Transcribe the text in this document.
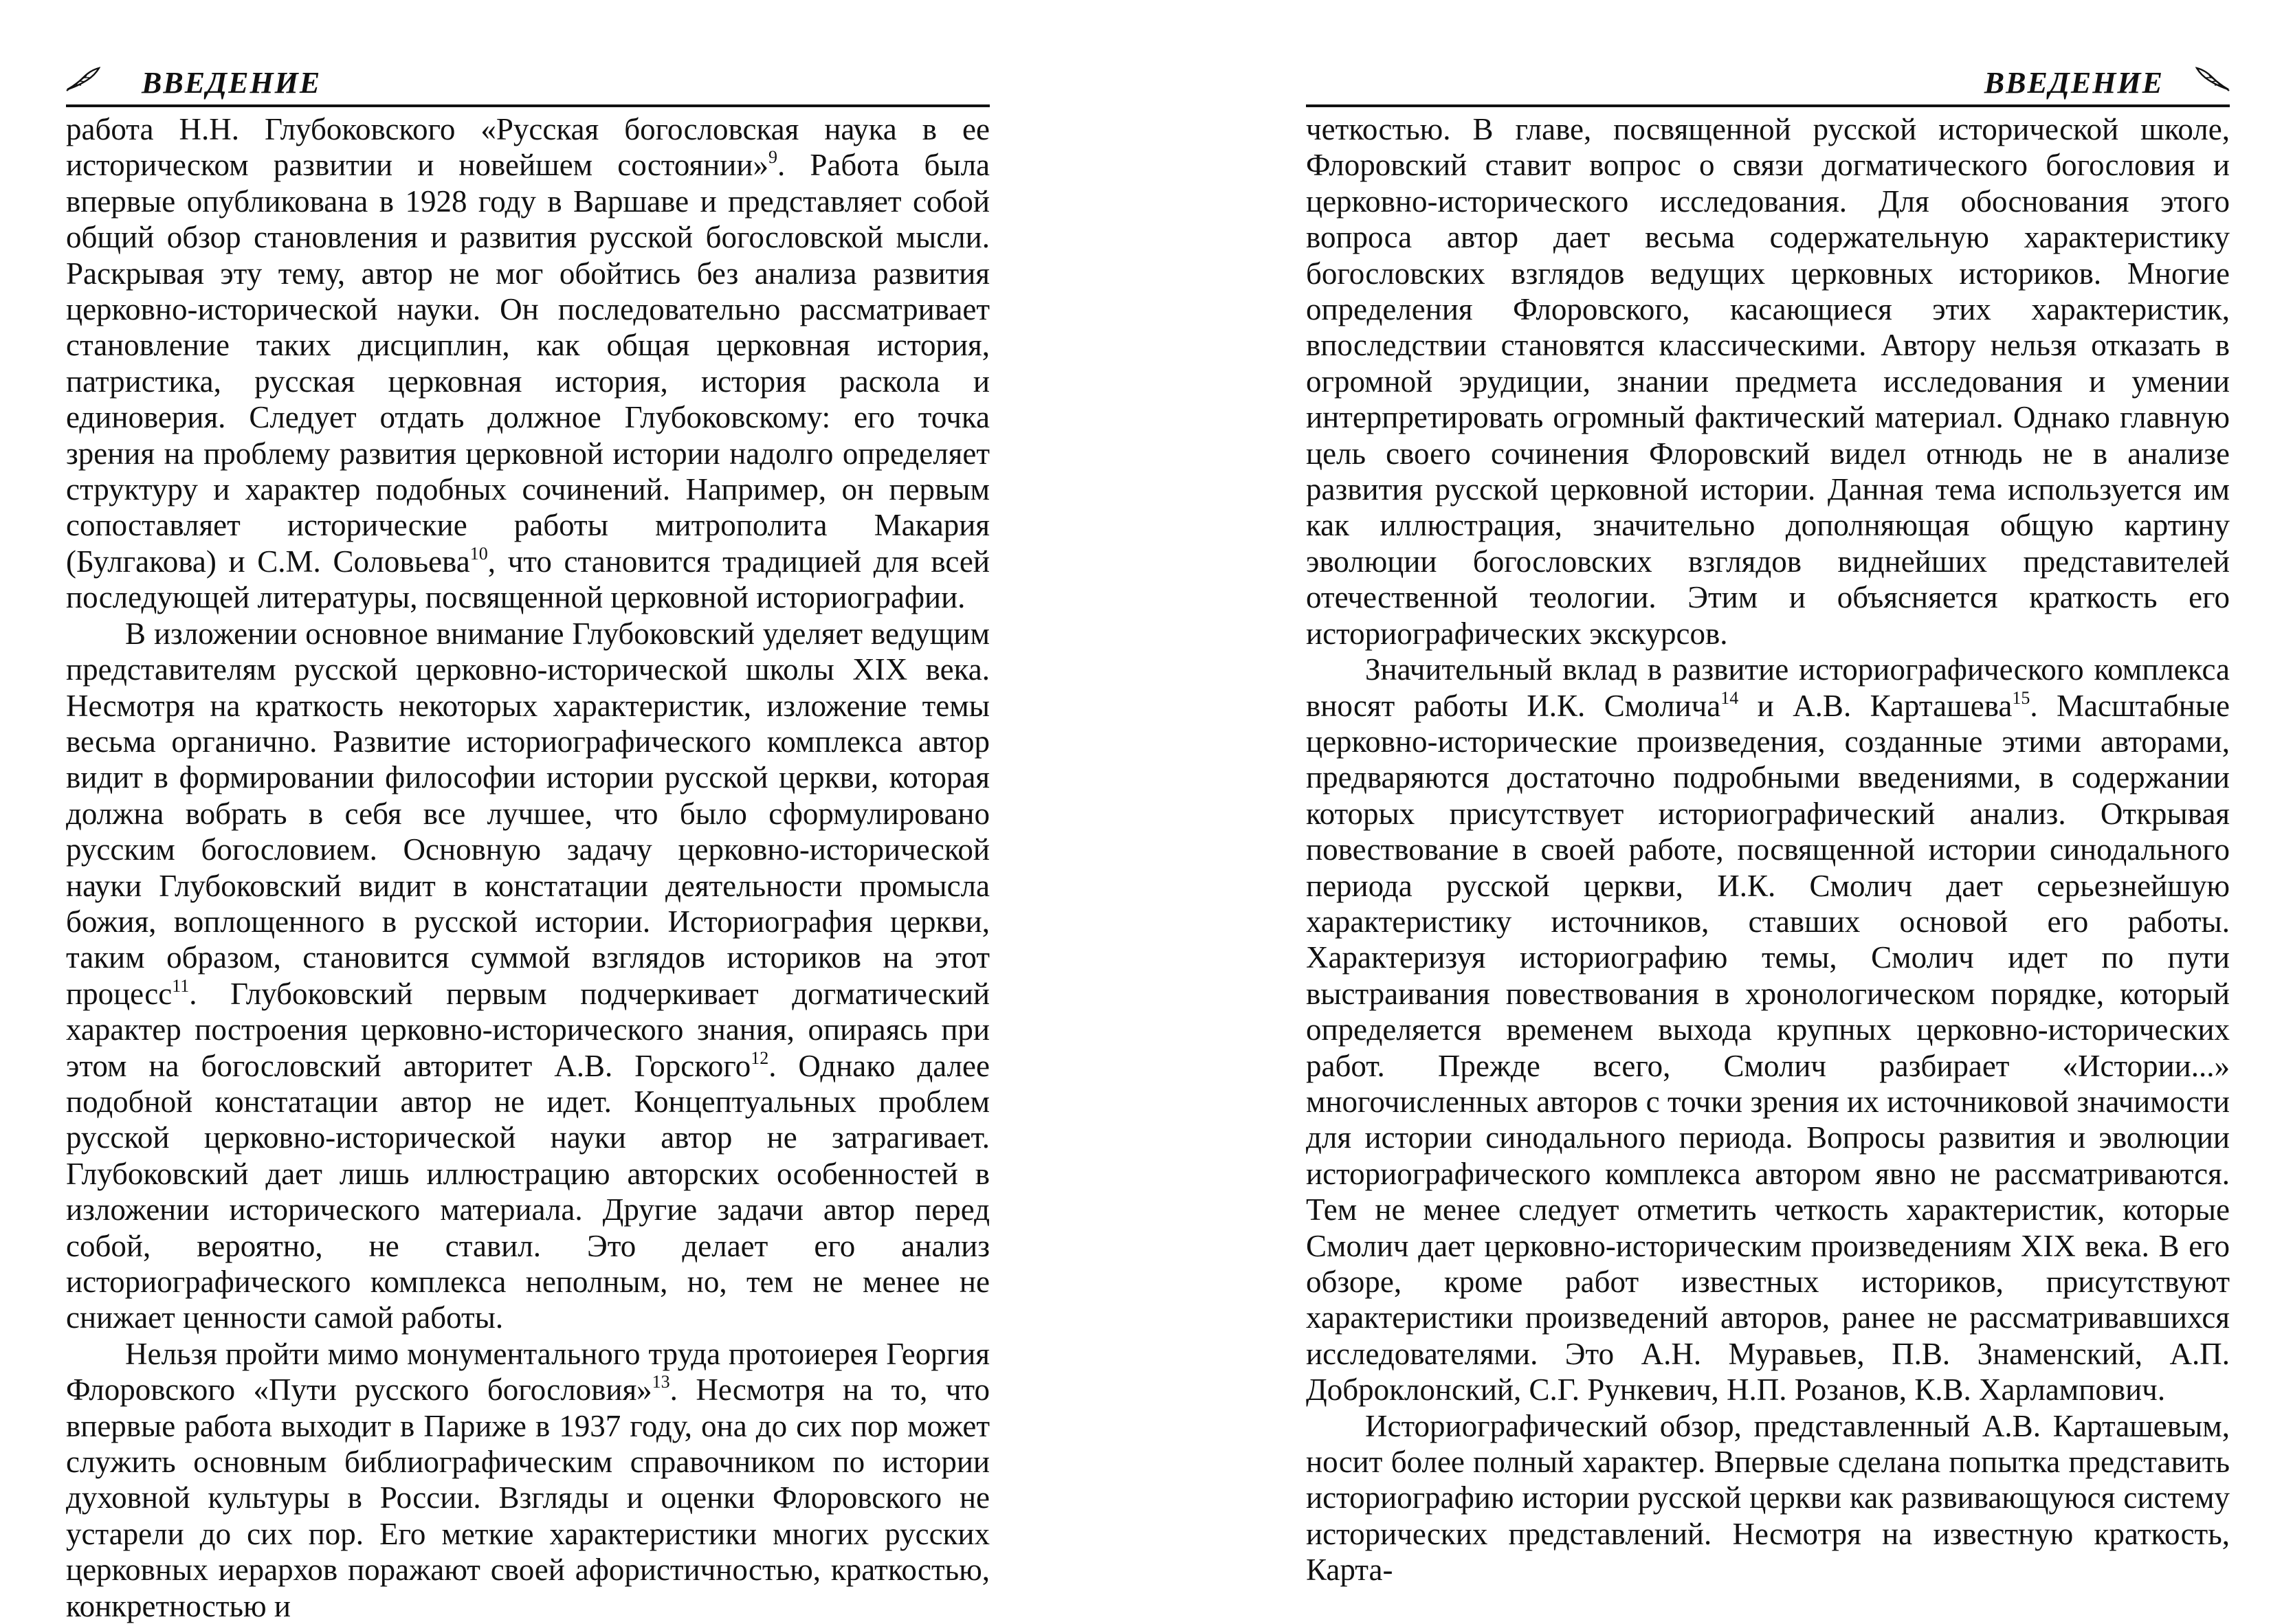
ВВЕДЕНИЕ

работа Н.Н. Глубоковского «Русская богословская наука в ее историческом развитии и новейшем состоянии»$^9$. Работа была впервые опубликована в 1928 году в Варшаве и представляет собой общий обзор становления и развития русской богословской мысли. Раскрывая эту тему, автор не мог обойтись без анализа развития церковно-исторической науки. Он последовательно рассматривает становление таких дисциплин, как общая церковная история, патристика, русская церковная история, история раскола и единоверия. Следует отдать должное Глубоковскому: его точка зрения на проблему развития церковной истории надолго определяет структуру и характер подобных сочинений. Например, он первым сопоставляет исторические работы митрополита Макария (Булгакова) и С.М. Соловьева$^{10}$, что становится традицией для всей последующей литературы, посвященной церковной историографии.

В изложении основное внимание Глубоковский уделяет ведущим представителям русской церковно-исторической школы XIX века. Несмотря на краткость некоторых характеристик, изложение темы весьма органично. Развитие историографического комплекса автор видит в формировании философии истории русской церкви, которая должна вобрать в себя все лучшее, что было сформулировано русским богословием. Основную задачу церковно-исторической науки Глубоковский видит в констатации деятельности промысла божия, воплощенного в русской истории. Историография церкви, таким образом, становится суммой взглядов историков на этот процесс$^{11}$. Глубоковский первым подчеркивает догматический характер построения церковно-исторического знания, опираясь при этом на богословский авторитет А.В. Горского$^{12}$. Однако далее подобной констатации автор не идет. Концептуальных проблем русской церковно-исторической науки автор не затрагивает. Глубоковский дает лишь иллюстрацию авторских особенностей в изложении исторического материала. Другие задачи автор перед собой, вероятно, не ставил. Это делает его анализ историографического комплекса неполным, но, тем не менее не снижает ценности самой работы.

Нельзя пройти мимо монументального труда протоиерея Георгия Флоровского «Пути русского богословия»$^{13}$. Несмотря на то, что впервые работа выходит в Париже в 1937 году, она до сих пор может служить основным библиографическим справочником по истории духовной культуры в России. Взгляды и оценки Флоровского не устарели до сих пор. Его меткие характеристики многих русских церковных иерархов поражают своей афористичностью, краткостью, конкретностью и

ВВЕДЕНИЕ

четкостью. В главе, посвященной русской исторической школе, Флоровский ставит вопрос о связи догматического богословия и церковно-исторического исследования. Для обоснования этого вопроса автор дает весьма содержательную характеристику богословских взглядов ведущих церковных историков. Многие определения Флоровского, касающиеся этих характеристик, впоследствии становятся классическими. Автору нельзя отказать в огромной эрудиции, знании предмета исследования и умении интерпретировать огромный фактический материал. Однако главную цель своего сочинения Флоровский видел отнюдь не в анализе развития русской церковной истории. Данная тема используется им как иллюстрация, значительно дополняющая общую картину эволюции богословских взглядов виднейших представителей отечественной теологии. Этим и объясняется краткость его историографических экскурсов.

Значительный вклад в развитие историографического комплекса вносят работы И.К. Смолича$^{14}$ и А.В. Карташева$^{15}$. Масштабные церковно-исторические произведения, созданные этими авторами, предваряются достаточно подробными введениями, в содержании которых присутствует историографический анализ. Открывая повествование в своей работе, посвященной истории синодального периода русской церкви, И.К. Смолич дает серьезнейшую характеристику источников, ставших основой его работы. Характеризуя историографию темы, Смолич идет по пути выстраивания повествования в хронологическом порядке, который определяется временем выхода крупных церковно-исторических работ. Прежде всего, Смолич разбирает «Истории...» многочисленных авторов с точки зрения их источниковой значимости для истории синодального периода. Вопросы развития и эволюции историографического комплекса автором явно не рассматриваются. Тем не менее следует отметить четкость характеристик, которые Смолич дает церковно-историческим произведениям XIX века. В его обзоре, кроме работ известных историков, присутствуют характеристики произведений авторов, ранее не рассматривавшихся исследователями. Это А.Н. Муравьев, П.В. Знаменский, А.П. Доброклонский, С.Г. Рункевич, Н.П. Розанов, К.В. Харлампович.

Историографический обзор, представленный А.В. Карташевым, носит более полный характер. Впервые сделана попытка представить историографию истории русской церкви как развивающуюся систему исторических представлений. Несмотря на известную краткость, Карта-
